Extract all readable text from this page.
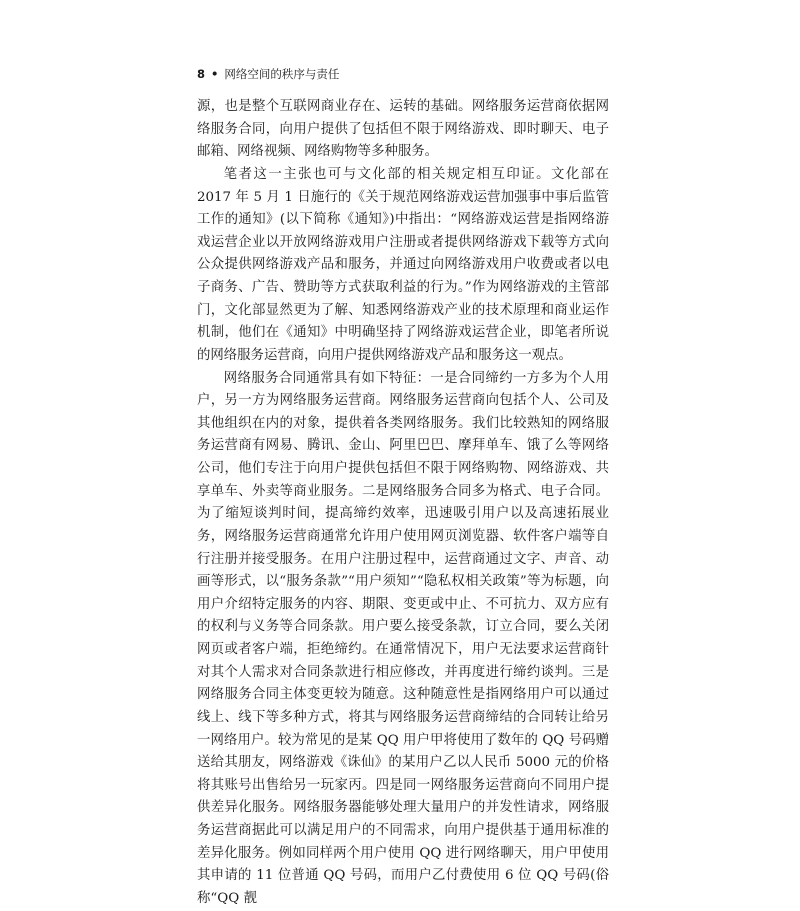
8 • 网络空间的秩序与责任

源，也是整个互联网商业存在、运转的基础。网络服务运营商依据网络服务合同，向用户提供了包括但不限于网络游戏、即时聊天、电子邮箱、网络视频、网络购物等多种服务。

笔者这一主张也可与文化部的相关规定相互印证。文化部在 2017 年 5 月 1 日施行的《关于规范网络游戏运营加强事中事后监管工作的通知》(以下简称《通知》)中指出：“网络游戏运营是指网络游戏运营企业以开放网络游戏用户注册或者提供网络游戏下载等方式向公众提供网络游戏产品和服务，并通过向网络游戏用户收费或者以电子商务、广告、赞助等方式获取利益的行为。”作为网络游戏的主管部门，文化部显然更为了解、知悉网络游戏产业的技术原理和商业运作机制，他们在《通知》中明确坚持了网络游戏运营企业，即笔者所说的网络服务运营商，向用户提供网络游戏产品和服务这一观点。

网络服务合同通常具有如下特征：一是合同缔约一方多为个人用户，另一方为网络服务运营商。网络服务运营商向包括个人、公司及其他组织在内的对象，提供着各类网络服务。我们比较熟知的网络服务运营商有网易、腾讯、金山、阿里巴巴、摩拜单车、饿了么等网络公司，他们专注于向用户提供包括但不限于网络购物、网络游戏、共享单车、外卖等商业服务。二是网络服务合同多为格式、电子合同。为了缩短谈判时间，提高缔约效率，迅速吸引用户以及高速拓展业务，网络服务运营商通常允许用户使用网页浏览器、软件客户端等自行注册并接受服务。在用户注册过程中，运营商通过文字、声音、动画等形式，以“服务条款”“用户须知”“隐私权相关政策”等为标题，向用户介绍特定服务的内容、期限、变更或中止、不可抗力、双方应有的权利与义务等合同条款。用户要么接受条款，订立合同，要么关闭网页或者客户端，拒绝缔约。在通常情况下，用户无法要求运营商针对其个人需求对合同条款进行相应修改，并再度进行缔约谈判。三是网络服务合同主体变更较为随意。这种随意性是指网络用户可以通过线上、线下等多种方式，将其与网络服务运营商缔结的合同转让给另一网络用户。较为常见的是某 QQ 用户甲将使用了数年的 QQ 号码赠送给其朋友，网络游戏《诛仙》的某用户乙以人民币 5000 元的价格将其账号出售给另一玩家丙。四是同一网络服务运营商向不同用户提供差异化服务。网络服务器能够处理大量用户的并发性请求，网络服务运营商据此可以满足用户的不同需求，向用户提供基于通用标准的差异化服务。例如同样两个用户使用 QQ 进行网络聊天，用户甲使用其申请的 11 位普通 QQ 号码，而用户乙付费使用 6 位 QQ 号码(俗称“QQ 靓
